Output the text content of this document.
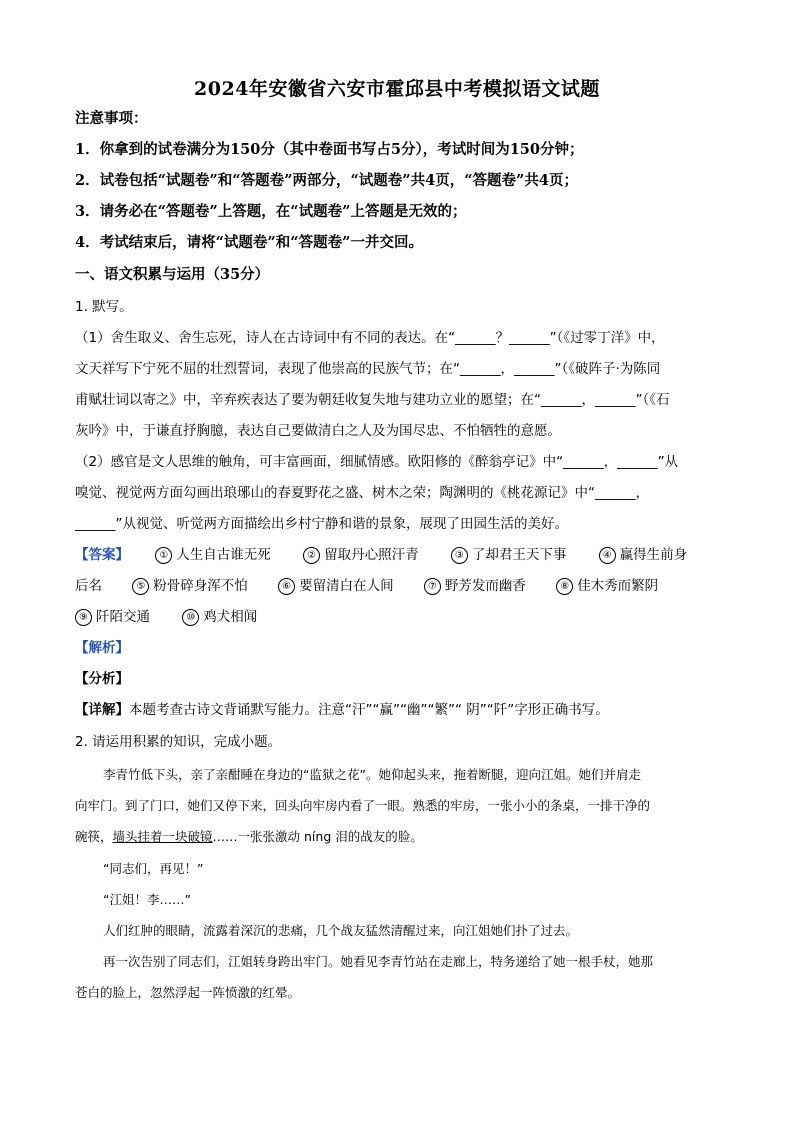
2024年安徽省六安市霍邱县中考模拟语文试题
注意事项：
1．你拿到的试卷满分为150分（其中卷面书写占5分），考试时间为150分钟；
2．试卷包括“试题卷”和“答题卷”两部分，“试题卷”共4页，“答题卷”共4页；
3．请务必在“答题卷”上答题，在“试题卷”上答题是无效的；
4．考试结束后，请将“试题卷”和“答题卷”一并交回。
一、语文积累与运用（35分）
1. 默写。
（1）舍生取义、舍生忘死，诗人在古诗词中有不同的表达。在“______？______”（《过零丁洋》中，
文天祥写下宁死不屈的壮烈誓词，表现了他崇高的民族气节；在“______，______”（《破阵子·为陈同
甫赋壮词以寄之》中，辛弃疾表达了要为朝廷收复失地与建功立业的愿望；在“______，______”（《石
灰吟》中，于谦直抒胸臆，表达自己要做清白之人及为国尽忠、不怕牺牲的意愿。
（2）感官是文人思维的触角，可丰富画面，细腻情感。欧阳修的《醉翁亭记》中“______，______”从
嗅觉、视觉两方面勾画出琅琊山的春夏野花之盛、树木之荣；陶渊明的《桃花源记》中“______，
______”从视觉、听觉两方面描绘出乡村宁静和谐的景象，展现了田园生活的美好。
【答案】	① 人生自古谁无死	② 留取丹心照汗青	③ 了却君王天下事	④ 赢得生前身
后名	⑤ 粉骨碎身浑不怕	⑥ 要留清白在人间	⑦ 野芳发而幽香	⑧ 佳木秀而繁阴
⑨ 阡陌交通	⑩ 鸡犬相闻
【解析】
【分析】
【详解】本题考查古诗文背诵默写能力。注意“汗”“赢”“幽”“繁”“ 阴”“阡”字形正确书写。
2. 请运用积累的知识，完成小题。
李青竹低下头，亲了亲酣睡在身边的“监狱之花”。她仰起头来，拖着断腿，迎向江姐。她们并肩走
向牢门。到了门口，她们又停下来，回头向牢房内看了一眼。熟悉的牢房，一张小小的条桌，一排干净的
碗筷，墙头挂着一块破镜……一张张激动 níng 泪的战友的脸。
“同志们，再见！”
“江姐！李……”
人们红肿的眼睛，流露着深沉的悲痛，几个战友猛然清醒过来，向江姐她们扑了过去。
再一次告别了同志们，江姐转身跨出牢门。她看见李青竹站在走廊上，特务递给了她一根手杖，她那
苍白的脸上，忽然浮起一阵愤激的红晕。
